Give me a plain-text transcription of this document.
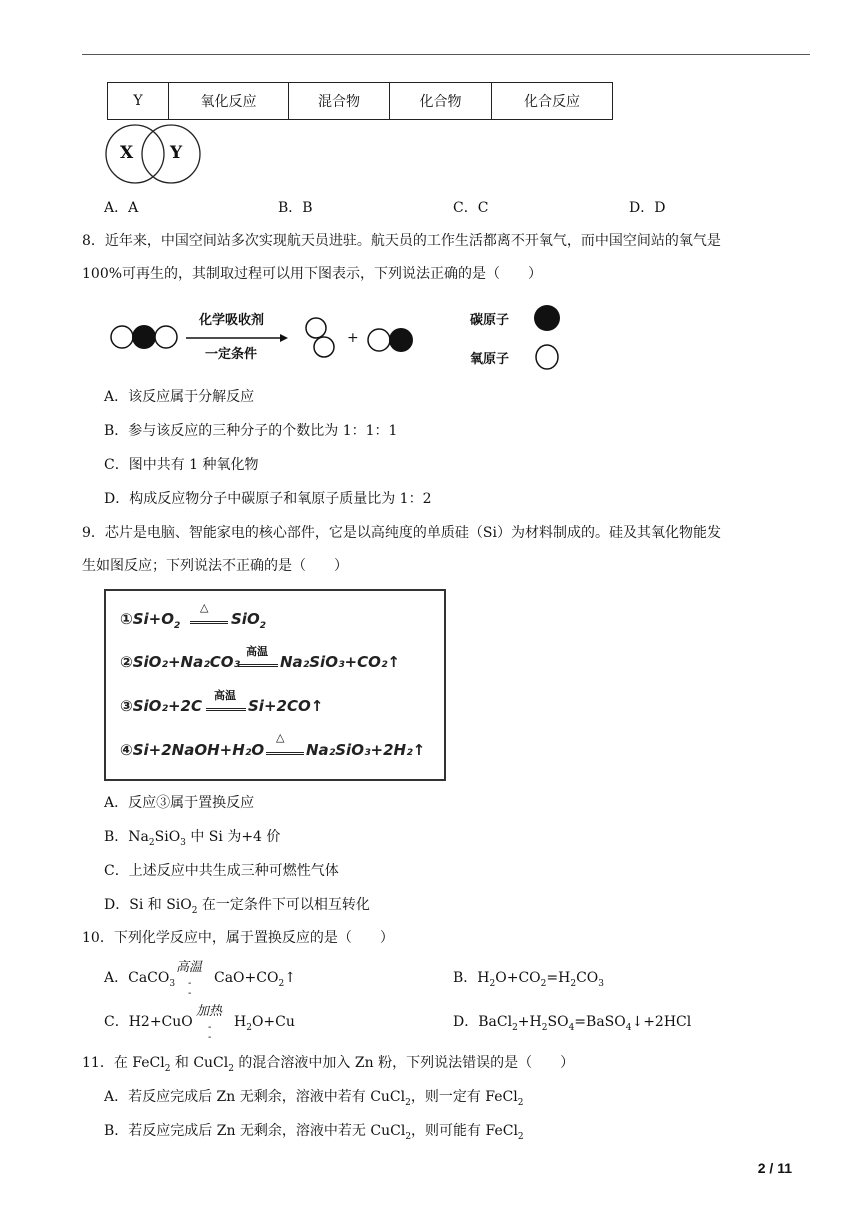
Y	氧化反应	混合物	化合物	化合反应
X Y
A．A	B．B	C．C	D．D
8．近年来，中国空间站多次实现航天员进驻。航天员的工作生活都离不开氧气，而中国空间站的氧气是
100%可再生的，其制取过程可以用下图表示，下列说法正确的是（　　）
化学吸收剂
一定条件
+
碳原子
氧原子
A．该反应属于分解反应
B．参与该反应的三种分子的个数比为 1：1：1
C．图中共有 1 种氧化物
D．构成反应物分子中碳原子和氧原子质量比为 1：2
9．芯片是电脑、智能家电的核心部件，它是以高纯度的单质硅（Si）为材料制成的。硅及其氧化物能发
生如图反应；下列说法不正确的是（　　）
$①Si+O_2$
△
SiO$_2$
②SiO₂+Na₂CO₃
高温
Na₂SiO₃+CO₂↑
③SiO₂+2C
高温
Si+2CO↑
④Si+2NaOH+H₂O
△
Na₂SiO₃+2H₂↑
A．反应③属于置换反应
B．$Na_2SiO_3$ 中 Si 为+4 价
C．上述反应中共生成三种可燃性气体
D．Si 和 SiO$_2$ 在一定条件下可以相互转化
10．下列化学反应中，属于置换反应的是（　　）
A．CaCO$_3$
高温
-
-
$CaO+CO_2↑$	B．$H_2O+CO_2=H_2CO_3$
C．H2+CuO
加热
-
-
$H_2O+Cu$	D．$BaCl_2+H_2SO_4=BaSO_4↓+2HCl$
11．在 FeCl$_2$ 和 CuCl$_2$ 的混合溶液中加入 Zn 粉，下列说法错误的是（　　）
A．若反应完成后 Zn 无剩余，溶液中若有 CuCl$_2$，则一定有 FeCl$_2$
B．若反应完成后 Zn 无剩余，溶液中若无 CuCl$_2$，则可能有 FeCl$_2$
2 / 11
